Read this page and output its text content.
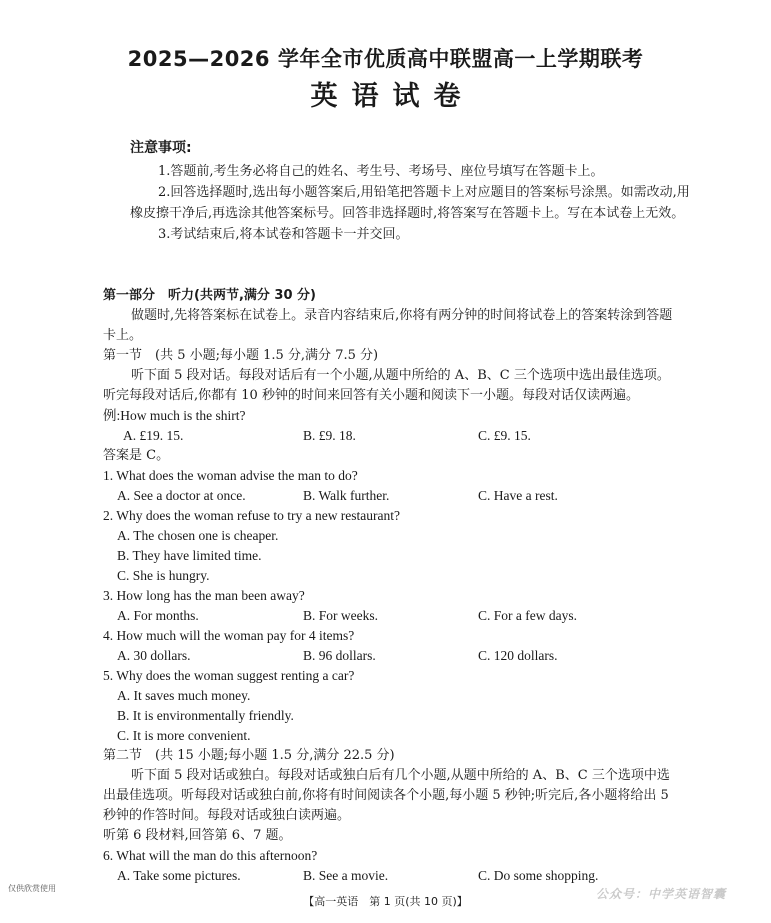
2025—2026 学年全市优质高中联盟高一上学期联考
英语试卷
注意事项:

1.答题前,考生务必将自己的姓名、考生号、考场号、座位号填写在答题卡上。

2.回答选择题时,选出每小题答案后,用铅笔把答题卡上对应题目的答案标号涂黑。如需改动,用橡皮擦干净后,再选涂其他答案标号。回答非选择题时,将答案写在答题卡上。写在本试卷上无效。

3.考试结束后,将本试卷和答题卡一并交回。

第一部分　听力(共两节,满分 30 分)

做题时,先将答案标在试卷上。录音内容结束后,你将有两分钟的时间将试卷上的答案转涂到答题卡上。

第一节　(共 5 小题;每小题 1.5 分,满分 7.5 分)

听下面 5 段对话。每段对话后有一个小题,从题中所给的 A、B、C 三个选项中选出最佳选项。听完每段对话后,你都有 10 秒钟的时间来回答有关小题和阅读下一小题。每段对话仅读两遍。

例:How much is the shirt?

A. £19. 15.	B. £9. 18.	C. £9. 15.

答案是 C。

1. What does the woman advise the man to do?

A. See a doctor at once.	B. Walk further.	C. Have a rest.

2. Why does the woman refuse to try a new restaurant?

A. The chosen one is cheaper.

B. They have limited time.

C. She is hungry.

3. How long has the man been away?

A. For months.	B. For weeks.	C. For a few days.

4. How much will the woman pay for 4 items?

A. 30 dollars.	B. 96 dollars.	C. 120 dollars.

5. Why does the woman suggest renting a car?

A. It saves much money.

B. It is environmentally friendly.

C. It is more convenient.

第二节　(共 15 小题;每小题 1.5 分,满分 22.5 分)

听下面 5 段对话或独白。每段对话或独白后有几个小题,从题中所给的 A、B、C 三个选项中选出最佳选项。听每段对话或独白前,你将有时间阅读各个小题,每小题 5 秒钟;听完后,各小题将给出 5 秒钟的作答时间。每段对话或独白读两遍。

听第 6 段材料,回答第 6、7 题。

6. What will the man do this afternoon?

A. Take some pictures.	B. See a movie.	C. Do some shopping.
仅供欣赏使用
【高一英语　第 1 页(共 10 页)】
公众号：中学英语智囊
